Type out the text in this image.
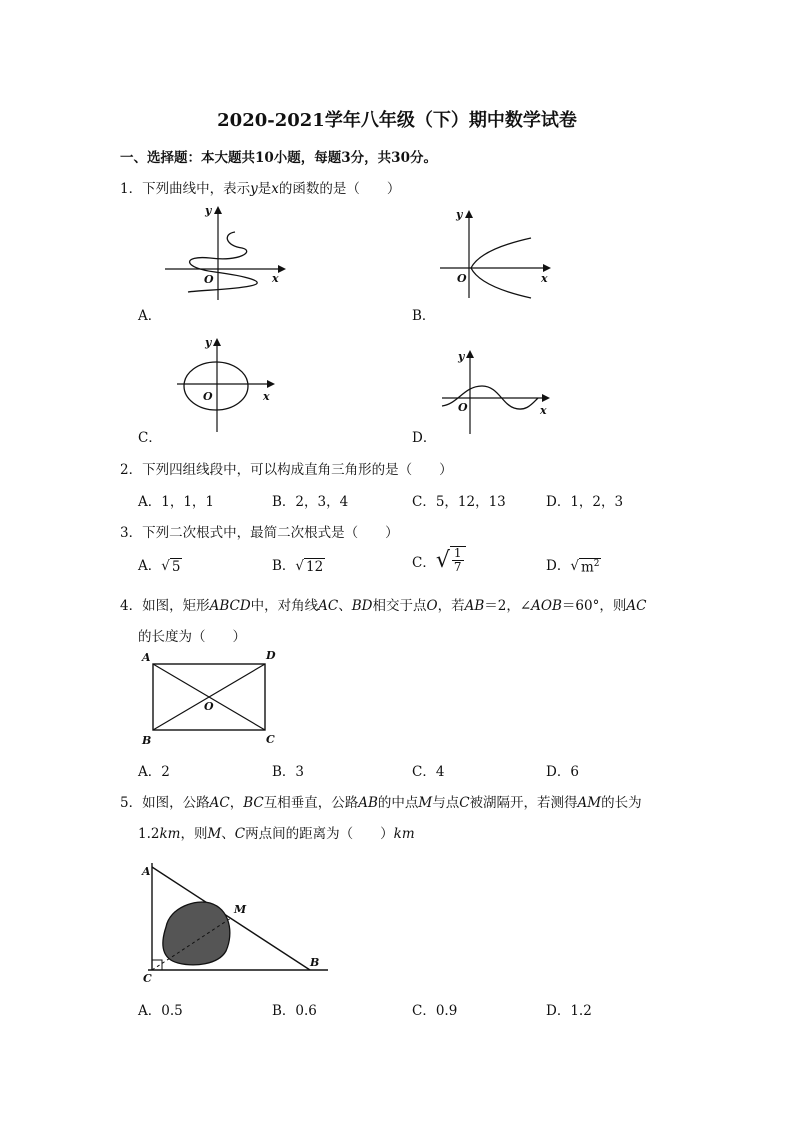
2020-2021学年八年级（下）期中数学试卷
一、选择题：本大题共10小题，每题3分，共30分。
1．下列曲线中，表示y是x的函数的是（　　）
y
x
O
A．
y
x
O
B．
y
x
O
C．
y
x
O
D．
2．下列四组线段中，可以构成直角三角形的是（　　）
A．1，1，1	B．2，3，4	C．5，12，13	D．1，2，3
3．下列二次根式中，最简二次根式是（　　）
A． √ 5	B． √ 12	C． √ $\frac{1}{7}$	D． √ $m^2$
4．如图，矩形ABCD中，对角线AC、BD相交于点O，若AB＝2，∠AOB＝60°，则AC
的长度为（　　）
A	D
B	C
O
A．2	B．3	C．4	D．6
5．如图，公路AC，BC互相垂直，公路AB的中点M与点C被湖隔开，若测得AM的长为
1.2km，则M、C两点间的距离为（　　）km
A
M
B
C
A．0.5	B．0.6	C．0.9	D．1.2
